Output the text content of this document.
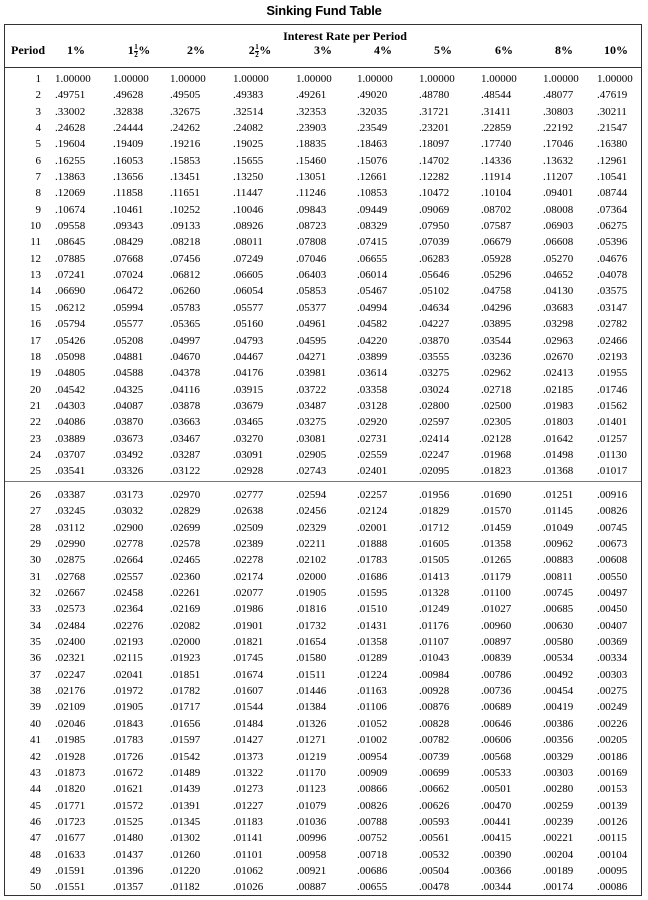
Sinking Fund Table
Interest Rate per Period
Period	1%	$1 \frac{1}{2}$ %	2%	$2 \frac{1}{2}$ %	3%	4%	5%	6%	8%	10%
1 1.00000 1.00000 1.00000 1.00000 1.00000 1.00000 1.00000 1.00000 1.00000 1.00000
2 .49751	.49628 .49505	.49383	.49261	.49020	.48780	.48544	.48077 .47619
3 .33002	.32838 .32675	.32514	.32353	.32035	.31721	.31411	.30803 .30211
4 .24628	.24444 .24262	.24082	.23903	.23549	.23201	.22859	.22192 .21547
5 .19604	.19409 .19216	.19025	.18835	.18463	.18097	.17740	.17046 .16380
6 .16255	.16053 .15853	.15655	.15460	.15076	.14702	.14336	.13632 .12961
7 .13863	.13656 .13451	.13250	.13051	.12661	.12282	.11914	.11207 .10541
8 .12069	.11858 .11651	.11447	.11246	.10853	.10472	.10104	.09401 .08744
9 .10674	.10461 .10252	.10046	.09843	.09449	.09069	.08702	.08008 .07364
10 .09558	.09343 .09133	.08926	.08723	.08329	.07950	.07587	.06903 .06275
11 .08645	.08429 .08218	.08011	.07808	.07415	.07039	.06679	.06608 .05396
12 .07885	.07668 .07456	.07249	.07046	.06655	.06283	.05928	.05270 .04676
13 .07241	.07024 .06812	.06605	.06403	.06014	.05646	.05296	.04652 .04078
14 .06690	.06472 .06260	.06054	.05853	.05467	.05102	.04758	.04130 .03575
15 .06212	.05994 .05783	.05577	.05377	.04994	.04634	.04296	.03683 .03147
16 .05794	.05577 .05365	.05160	.04961	.04582	.04227	.03895	.03298 .02782
17 .05426	.05208 .04997	.04793	.04595	.04220	.03870	.03544	.02963 .02466
18 .05098	.04881 .04670	.04467	.04271	.03899	.03555	.03236	.02670 .02193
19 .04805	.04588 .04378	.04176	.03981	.03614	.03275	.02962	.02413 .01955
20 .04542	.04325 .04116	.03915	.03722	.03358	.03024	.02718	.02185 .01746
21 .04303	.04087 .03878	.03679	.03487	.03128	.02800	.02500	.01983 .01562
22 .04086	.03870 .03663	.03465	.03275	.02920	.02597	.02305	.01803 .01401
23 .03889	.03673 .03467	.03270	.03081	.02731	.02414	.02128	.01642 .01257
24 .03707	.03492 .03287	.03091	.02905	.02559	.02247	.01968	.01498 .01130
25 .03541	.03326 .03122	.02928	.02743	.02401	.02095	.01823	.01368 .01017
26 .03387	.03173 .02970	.02777	.02594	.02257	.01956	.01690	.01251 .00916
27 .03245	.03032 .02829	.02638	.02456	.02124	.01829	.01570	.01145 .00826
28 .03112	.02900 .02699	.02509	.02329	.02001	.01712	.01459	.01049 .00745
29 .02990	.02778 .02578	.02389	.02211	.01888	.01605	.01358	.00962 .00673
30 .02875	.02664 .02465	.02278	.02102	.01783	.01505	.01265	.00883 .00608
31 .02768	.02557 .02360	.02174	.02000	.01686	.01413	.01179	.00811 .00550
32 .02667	.02458 .02261	.02077	.01905	.01595	.01328	.01100	.00745 .00497
33 .02573	.02364 .02169	.01986	.01816	.01510	.01249	.01027	.00685 .00450
34 .02484	.02276 .02082	.01901	.01732	.01431	.01176	.00960	.00630 .00407
35 .02400	.02193 .02000	.01821	.01654	.01358	.01107	.00897	.00580 .00369
36 .02321	.02115 .01923	.01745	.01580	.01289	.01043	.00839	.00534 .00334
37 .02247	.02041 .01851	.01674	.01511	.01224	.00984	.00786	.00492 .00303
38 .02176	.01972 .01782	.01607	.01446	.01163	.00928	.00736	.00454 .00275
39 .02109	.01905 .01717	.01544	.01384	.01106	.00876	.00689	.00419 .00249
40 .02046	.01843 .01656	.01484	.01326	.01052	.00828	.00646	.00386 .00226
41 .01985	.01783 .01597	.01427	.01271	.01002	.00782	.00606	.00356 .00205
42 .01928	.01726 .01542	.01373	.01219	.00954	.00739	.00568	.00329 .00186
43 .01873	.01672 .01489	.01322	.01170	.00909	.00699	.00533	.00303 .00169
44 .01820	.01621 .01439	.01273	.01123	.00866	.00662	.00501	.00280 .00153
45 .01771	.01572 .01391	.01227	.01079	.00826	.00626	.00470	.00259 .00139
46 .01723	.01525 .01345	.01183	.01036	.00788	.00593	.00441	.00239 .00126
47 .01677	.01480 .01302	.01141	.00996	.00752	.00561	.00415	.00221 .00115
48 .01633	.01437 .01260	.01101	.00958	.00718	.00532	.00390	.00204 .00104
49 .01591	.01396 .01220	.01062	.00921	.00686	.00504	.00366	.00189 .00095
50 .01551	.01357 .01182	.01026	.00887	.00655	.00478	.00344	.00174 .00086
